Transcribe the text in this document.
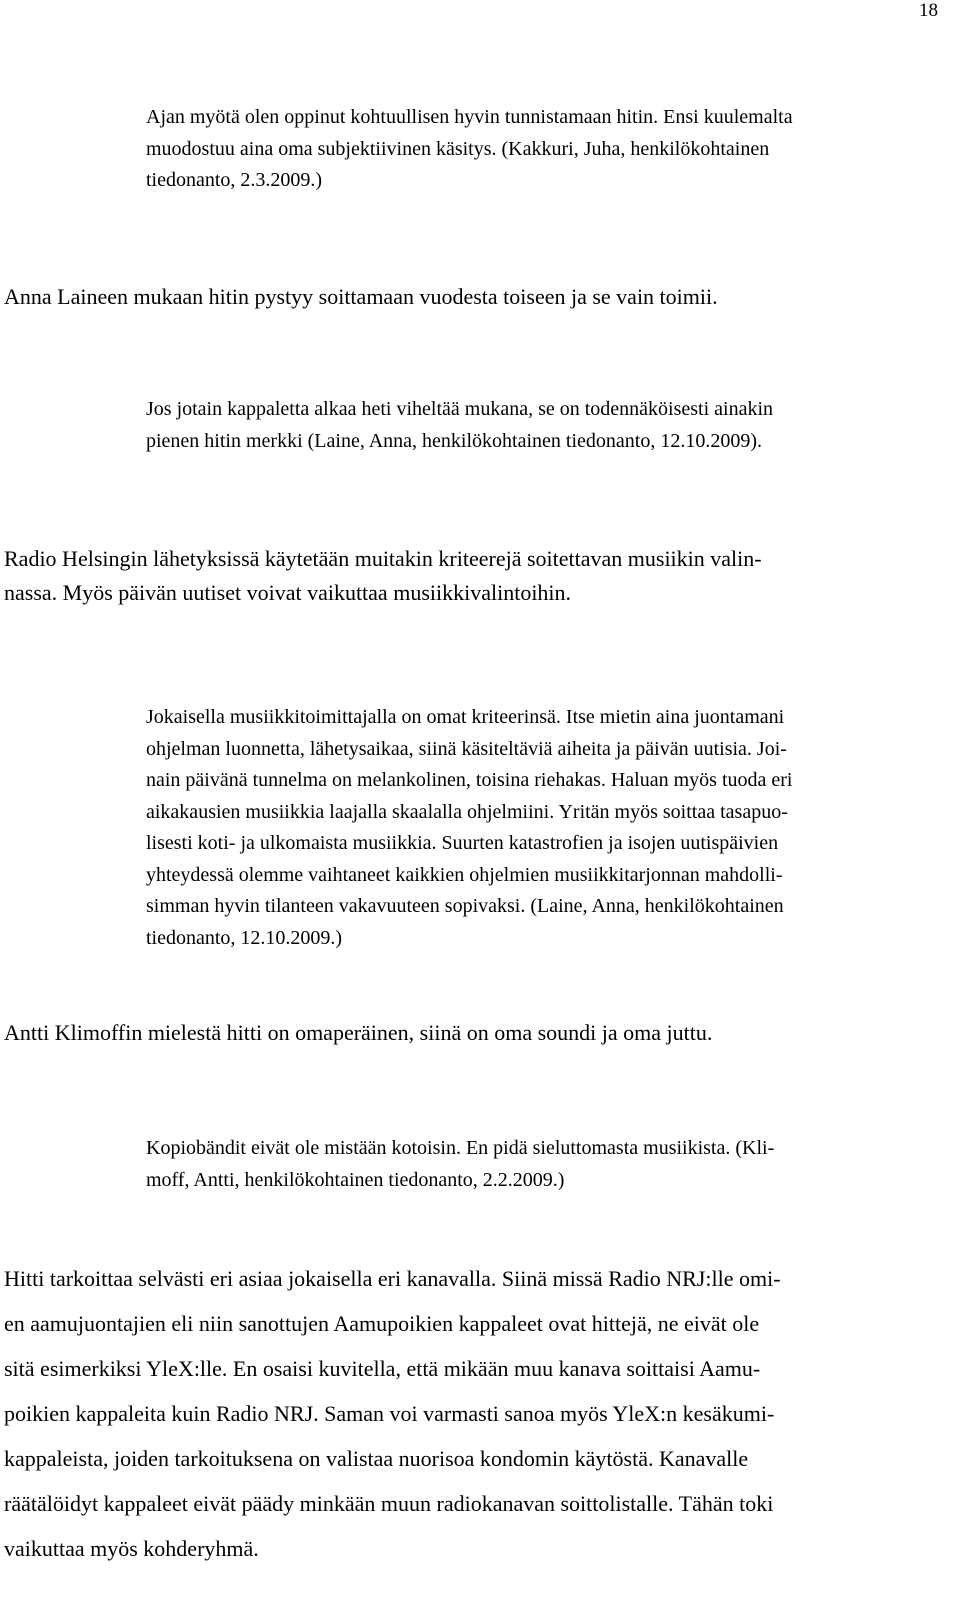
18
Ajan myötä olen oppinut kohtuullisen hyvin tunnistamaan hitin. Ensi kuulemalta
muodostuu aina oma subjektiivinen käsitys. (Kakkuri, Juha, henkilökohtainen
tiedonanto, 2.3.2009.)
Anna Laineen mukaan hitin pystyy soittamaan vuodesta toiseen ja se vain toimii.
Jos jotain kappaletta alkaa heti viheltää mukana, se on todennäköisesti ainakin
pienen hitin merkki (Laine, Anna, henkilökohtainen tiedonanto, 12.10.2009).
Radio Helsingin lähetyksissä käytetään muitakin kriteerejä soitettavan musiikin valin-
nassa. Myös päivän uutiset voivat vaikuttaa musiikkivalintoihin.
Jokaisella musiikkitoimittajalla on omat kriteerinsä. Itse mietin aina juontamani
ohjelman luonnetta, lähetysaikaa, siinä käsiteltäviä aiheita ja päivän uutisia. Joi-
nain päivänä tunnelma on melankolinen, toisina riehakas. Haluan myös tuoda eri
aikakausien musiikkia laajalla skaalalla ohjelmiini. Yritän myös soittaa tasapuo-
lisesti koti- ja ulkomaista musiikkia. Suurten katastrofien ja isojen uutispäivien
yhteydessä olemme vaihtaneet kaikkien ohjelmien musiikkitarjonnan mahdolli-
simman hyvin tilanteen vakavuuteen sopivaksi. (Laine, Anna, henkilökohtainen
tiedonanto, 12.10.2009.)
Antti Klimoffin mielestä hitti on omaperäinen, siinä on oma soundi ja oma juttu.
Kopiobändit eivät ole mistään kotoisin. En pidä sieluttomasta musiikista. (Kli-
moff, Antti, henkilökohtainen tiedonanto, 2.2.2009.)
Hitti tarkoittaa selvästi eri asiaa jokaisella eri kanavalla. Siinä missä Radio NRJ:lle omi-
en aamujuontajien eli niin sanottujen Aamupoikien kappaleet ovat hittejä, ne eivät ole
sitä esimerkiksi YleX:lle. En osaisi kuvitella, että mikään muu kanava soittaisi Aamu-
poikien kappaleita kuin Radio NRJ. Saman voi varmasti sanoa myös YleX:n kesäkumi-
kappaleista, joiden tarkoituksena on valistaa nuorisoa kondomin käytöstä. Kanavalle
räätälöidyt kappaleet eivät päädy minkään muun radiokanavan soittolistalle. Tähän toki
vaikuttaa myös kohderyhmä.
